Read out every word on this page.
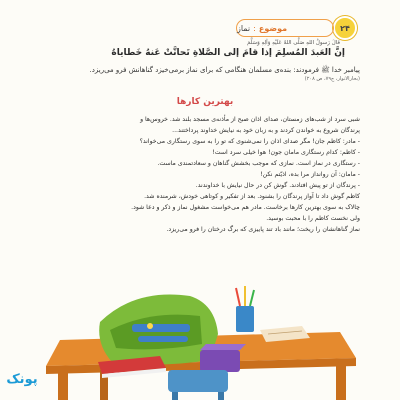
۲۴
موضوع
:
نماز
قالَ رَسولُ اللهِ صَلَّى اللهُ عَلَيْهِ وَآلِهِ وَسَلَّمَ
إنَّ العَبدَ المُسلِمَ إذا قامَ إلى الصَّلاةِ تَحاتَّتْ عَنهُ خَطاياهُ
پیامبر خدا ﷺ فرمودند: بنده‌ی مسلمان هنگامی که برای نماز برمی‌خیزد گناهانش فرو می‌ریزد.
(بحارالانوار، ج۷۹، ص ۲۰۸)
بهترین کارها
شبی سرد از شب‌های زمستان، صدای اذان صبح از مأذنه‌ی مسجد بلند شد. خروس‌ها و
پرندگان شروع به خواندن کردند و به زبان خود به نیایش خداوند پرداختند...
- مادر: کاظم جان! مگر صدای اذان را نمی‌شنوی که تو را به سوی رستگاری می‌خواند؟
- کاظم: کدام رستگاری مامان جون! هوا خیلی سرد است!
- رستگاری در نماز است. نمازی که موجب بخشش گناهان و سعادتمندی ماست.
- مامان: آن روانداز مرا بده، اذیّتم نکن!
- پرندگان از تو پیش افتادند. گوش کن در حال نیایش با خداوندند.
کاظم گوش داد تا آواز پرندگان را بشنود. بعد از تفکیر و کوتاهی خودش، شرمنده شد.
چالاک به سوی بهترین کارها برخاست. مادر هم می‌خواست مشغول نماز و ذکر و دعا شود.
ولی نخست کاظم را با محبت بوسید.
نماز گناهانشان را ریخت؛ مانند باد تند پاییزی که برگ درختان را فرو می‌ریزد.
پونک
